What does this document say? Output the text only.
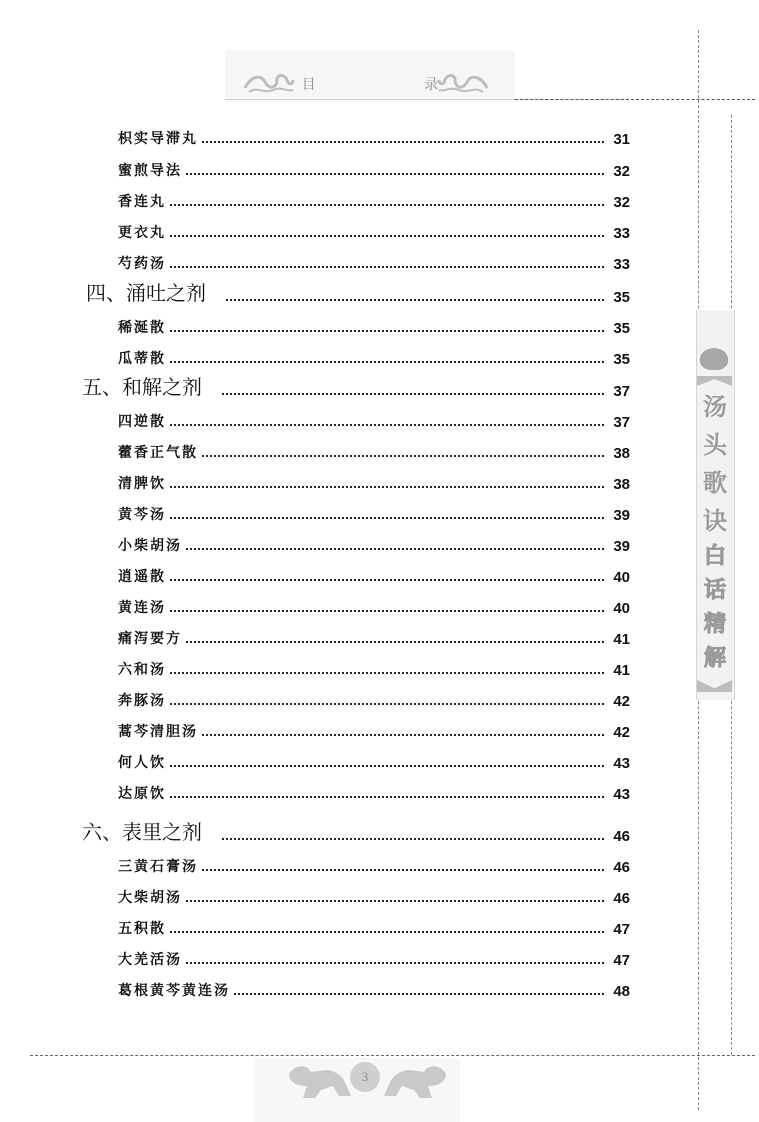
目 录
枳实导滞丸	31
蜜煎导法	32
香连丸	32
更衣丸	33
芍药汤	33
四、涌吐之剂	35
稀涎散	35
瓜蒂散	35
五、和解之剂	37
四逆散	37
藿香正气散	38
清脾饮	38
黄芩汤	39
小柴胡汤	39
逍遥散	40
黄连汤	40
痛泻要方	41
六和汤	41
奔豚汤	42
蒿芩清胆汤	42
何人饮	43
达原饮	43
六、表里之剂	46
三黄石膏汤	46
大柴胡汤	46
五积散	47
大羌活汤	47
葛根黄芩黄连汤	48
汤
头
歌
诀
白
话
精
解
3
